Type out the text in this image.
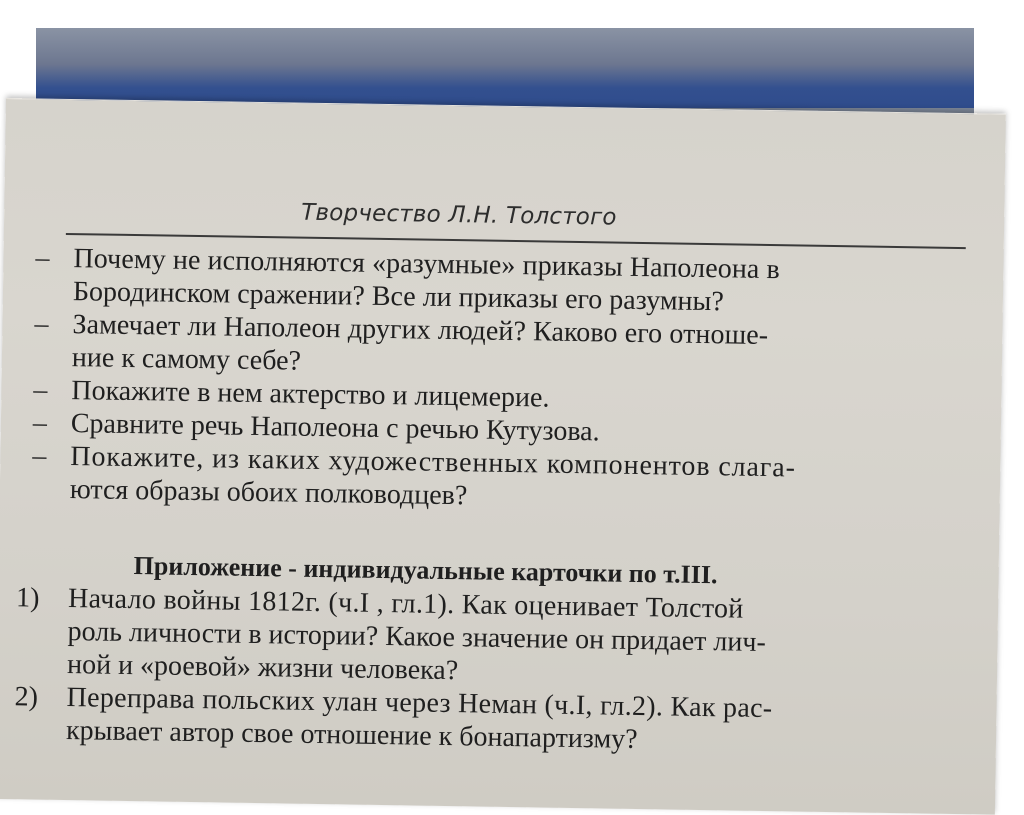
Творчество Л.Н. Толстого
– Почему не исполняются «разумные» приказы Наполеона в
Бородинском сражении? Все ли приказы его разумны?
– Замечает ли Наполеон других людей? Каково его отноше-
ние к самому себе?
– Покажите в нем актерство и лицемерие.
– Сравните речь Наполеона с речью Кутузова.
– Покажите, из каких художественных компонентов слага-
ются образы обоих полководцев?
Приложение - индивидуальные карточки по т.III.
1) Начало войны 1812г. (ч.I , гл.1). Как оценивает Толстой
роль личности в истории? Какое значение он придает лич-
ной и «роевой» жизни человека?
2) Переправа польских улан через Неман (ч.I, гл.2). Как рас-
крывает автор свое отношение к бонапартизму?
